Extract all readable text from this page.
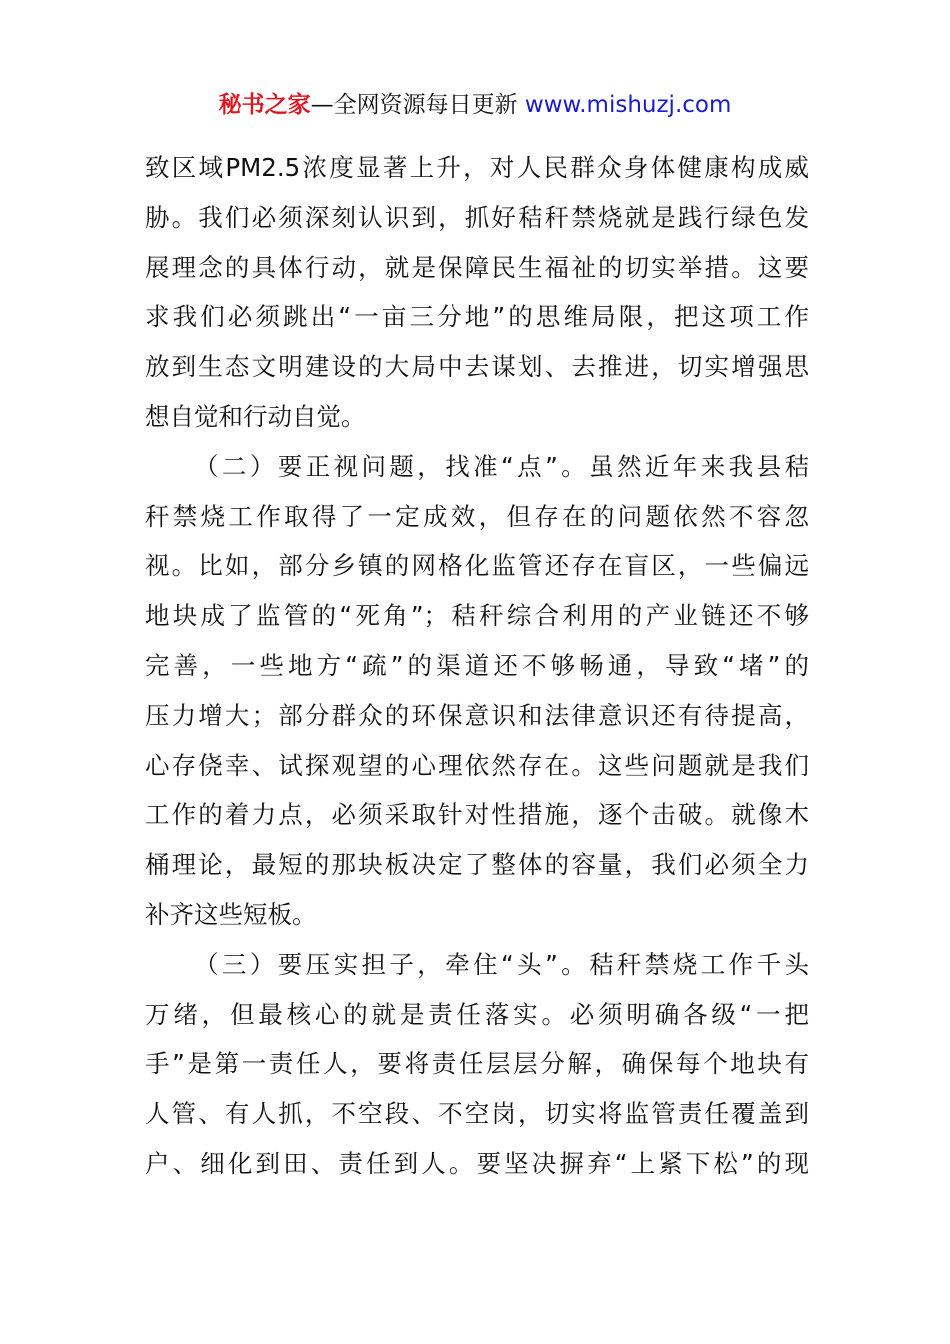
秘书之家—全网资源每日更新 www.mishuzj.com
致区域PM2.5浓度显著上升，对人民群众身体健康构成威
胁。我们必须深刻认识到，抓好秸秆禁烧就是践行绿色发
展理念的具体行动，就是保障民生福祉的切实举措。这要
求我们必须跳出“一亩三分地”的思维局限，把这项工作
放到生态文明建设的大局中去谋划、去推进，切实增强思
想自觉和行动自觉。
（二）要正视问题，找准“点”。虽然近年来我县秸
秆禁烧工作取得了一定成效，但存在的问题依然不容忽
视。比如，部分乡镇的网格化监管还存在盲区，一些偏远
地块成了监管的“死角”；秸秆综合利用的产业链还不够
完善，一些地方“疏”的渠道还不够畅通，导致“堵”的
压力增大；部分群众的环保意识和法律意识还有待提高，
心存侥幸、试探观望的心理依然存在。这些问题就是我们
工作的着力点，必须采取针对性措施，逐个击破。就像木
桶理论，最短的那块板决定了整体的容量，我们必须全力
补齐这些短板。
（三）要压实担子，牵住“头”。秸秆禁烧工作千头
万绪，但最核心的就是责任落实。必须明确各级“一把
手”是第一责任人，要将责任层层分解，确保每个地块有
人管、有人抓，不空段、不空岗，切实将监管责任覆盖到
户、细化到田、责任到人。要坚决摒弃“上紧下松”的现
